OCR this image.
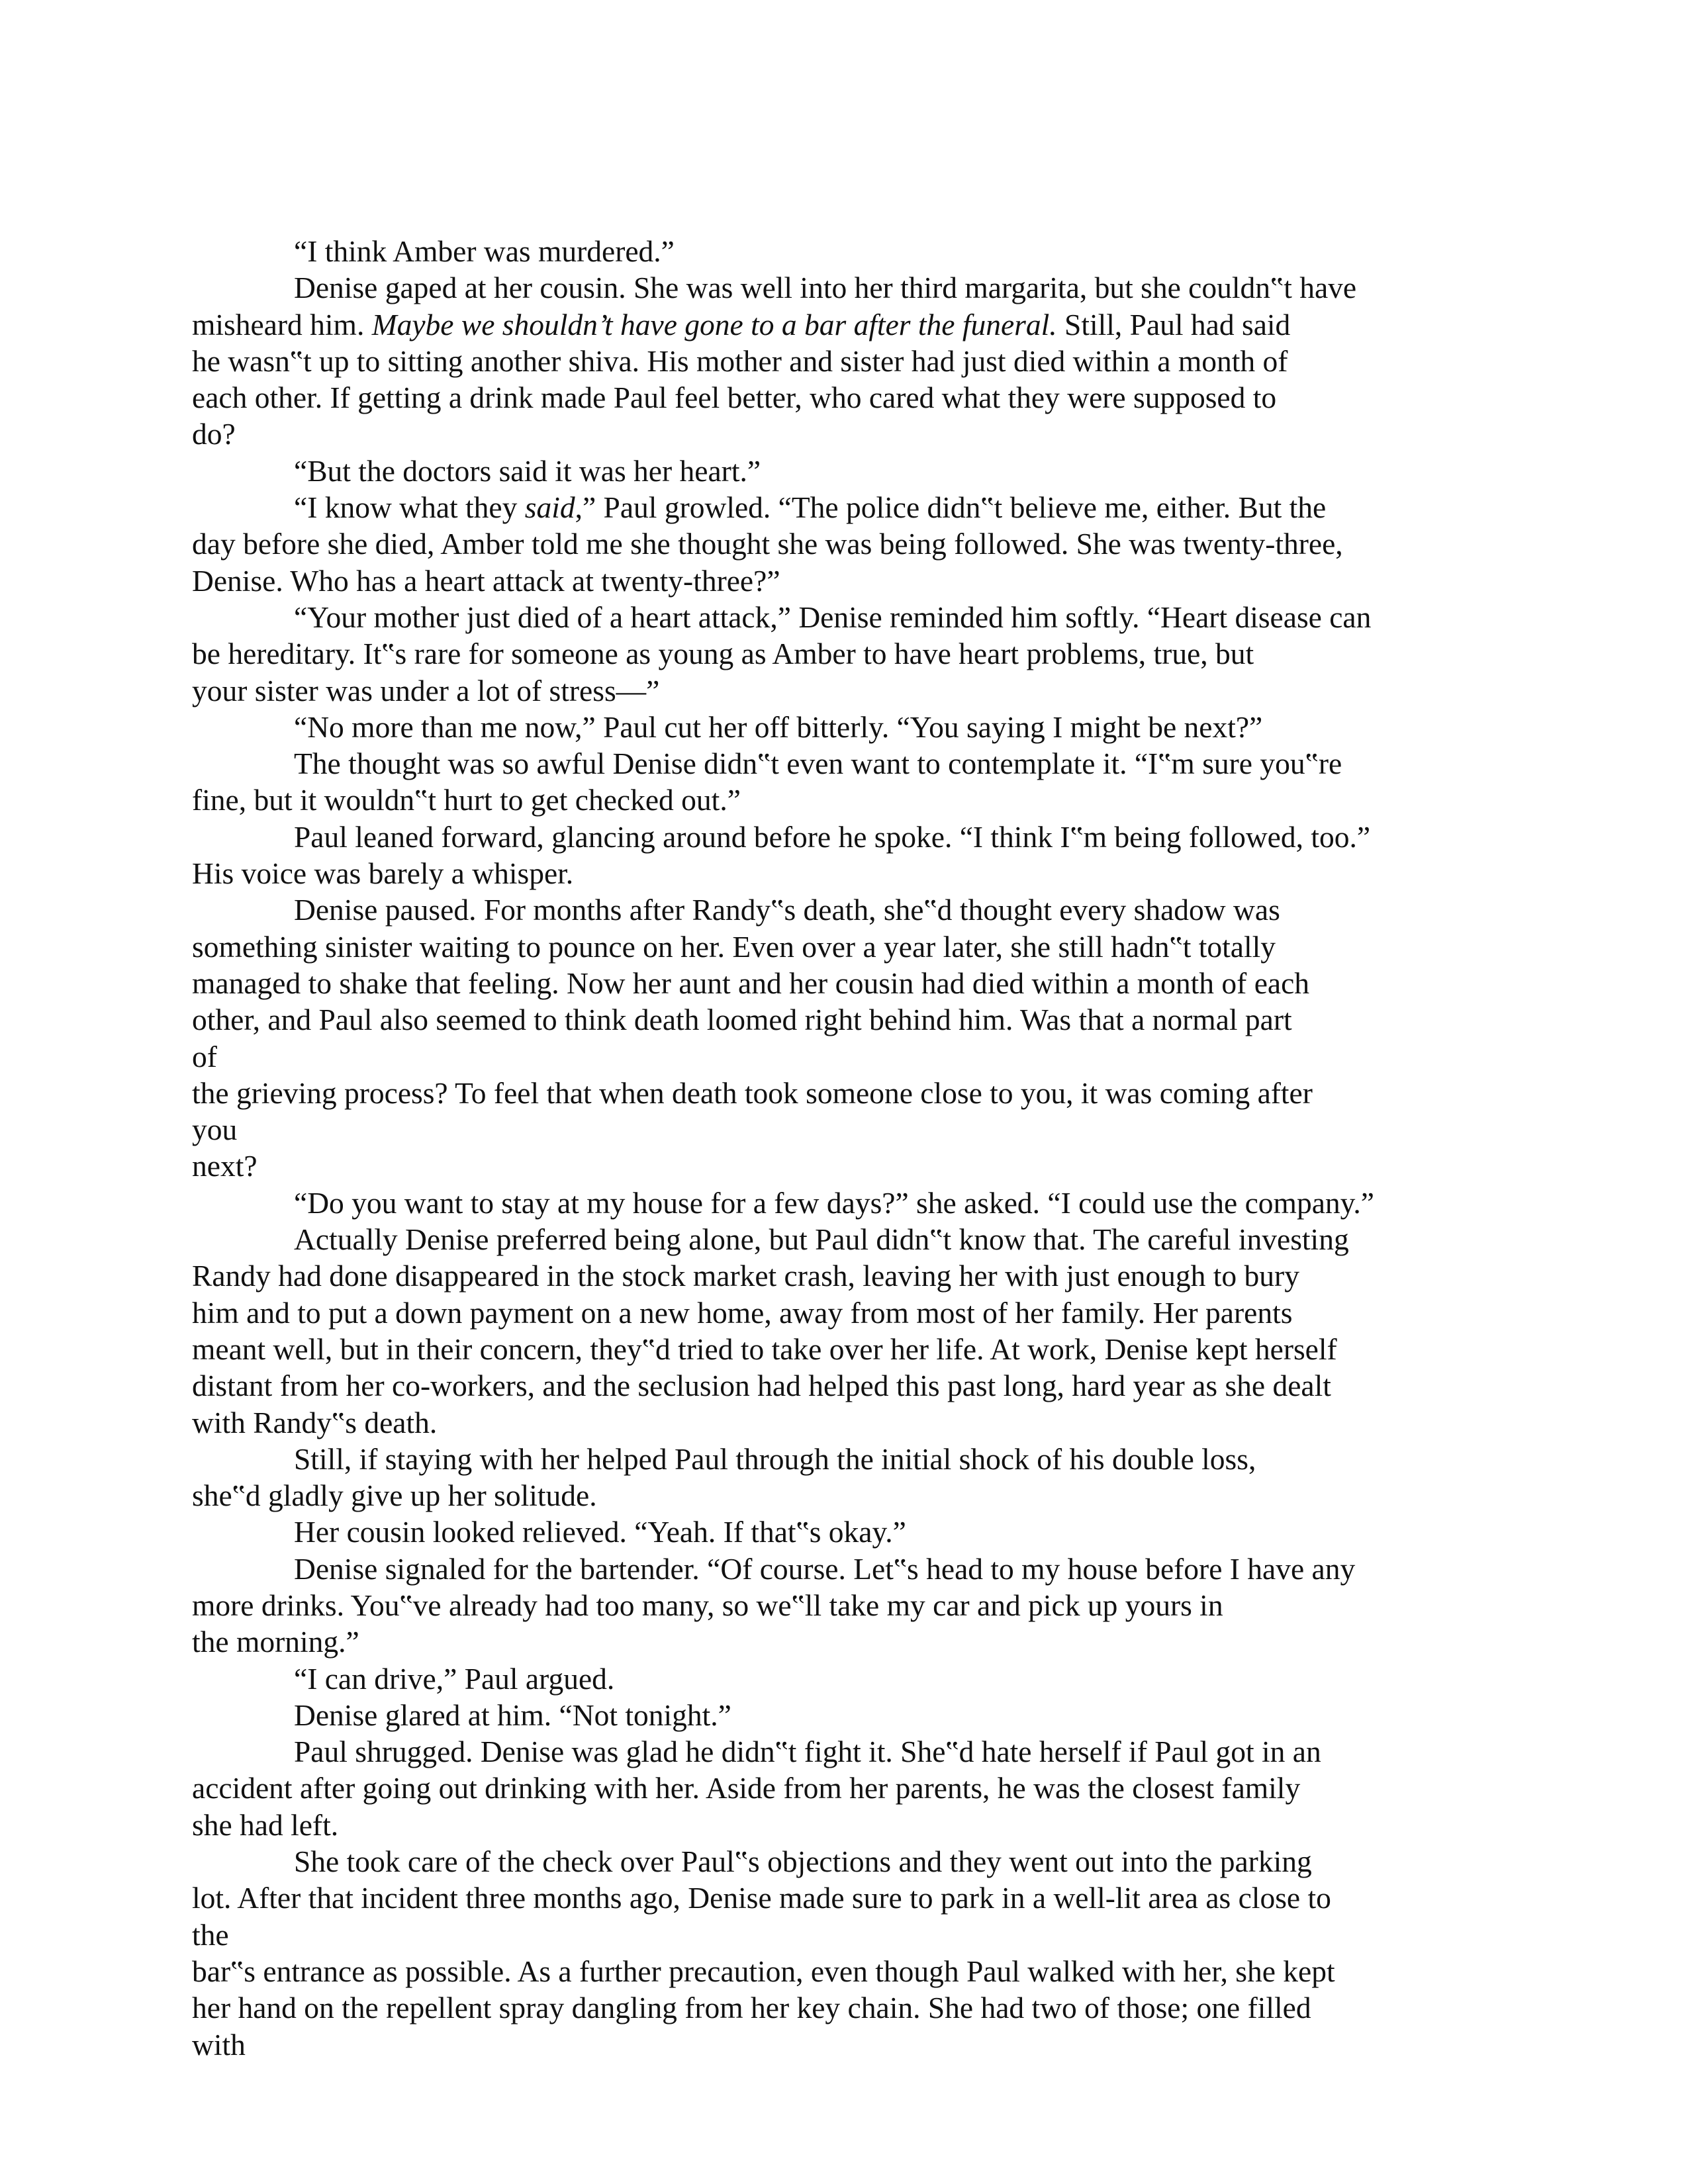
“I think Amber was murdered.”
Denise gaped at her cousin. She was well into her third margarita, but she couldn‟t have
misheard him. Maybe we shouldn’t have gone to a bar after the funeral. Still, Paul had said
he wasn‟t up to sitting another shiva. His mother and sister had just died within a month of
each other. If getting a drink made Paul feel better, who cared what they were supposed to
do?
“But the doctors said it was her heart.”
“I know what they said,” Paul growled. “The police didn‟t believe me, either. But the
day before she died, Amber told me she thought she was being followed. She was twenty-three,
Denise. Who has a heart attack at twenty-three?”
“Your mother just died of a heart attack,” Denise reminded him softly. “Heart disease can
be hereditary. It‟s rare for someone as young as Amber to have heart problems, true, but
your sister was under a lot of stress—”
“No more than me now,” Paul cut her off bitterly. “You saying I might be next?”
The thought was so awful Denise didn‟t even want to contemplate it. “I‟m sure you‟re
fine, but it wouldn‟t hurt to get checked out.”
Paul leaned forward, glancing around before he spoke. “I think I‟m being followed, too.”
His voice was barely a whisper.
Denise paused. For months after Randy‟s death, she‟d thought every shadow was
something sinister waiting to pounce on her. Even over a year later, she still hadn‟t totally
managed to shake that feeling. Now her aunt and her cousin had died within a month of each
other, and Paul also seemed to think death loomed right behind him. Was that a normal part
of
the grieving process? To feel that when death took someone close to you, it was coming after
you
next?
“Do you want to stay at my house for a few days?” she asked. “I could use the company.”
Actually Denise preferred being alone, but Paul didn‟t know that. The careful investing
Randy had done disappeared in the stock market crash, leaving her with just enough to bury
him and to put a down payment on a new home, away from most of her family. Her parents
meant well, but in their concern, they‟d tried to take over her life. At work, Denise kept herself
distant from her co-workers, and the seclusion had helped this past long, hard year as she dealt
with Randy‟s death.
Still, if staying with her helped Paul through the initial shock of his double loss,
she‟d gladly give up her solitude.
Her cousin looked relieved. “Yeah. If that‟s okay.”
Denise signaled for the bartender. “Of course. Let‟s head to my house before I have any
more drinks. You‟ve already had too many, so we‟ll take my car and pick up yours in
the morning.”
“I can drive,” Paul argued.
Denise glared at him. “Not tonight.”
Paul shrugged. Denise was glad he didn‟t fight it. She‟d hate herself if Paul got in an
accident after going out drinking with her. Aside from her parents, he was the closest family
she had left.
She took care of the check over Paul‟s objections and they went out into the parking
lot. After that incident three months ago, Denise made sure to park in a well-lit area as close to
the
bar‟s entrance as possible. As a further precaution, even though Paul walked with her, she kept
her hand on the repellent spray dangling from her key chain. She had two of those; one filled
with
